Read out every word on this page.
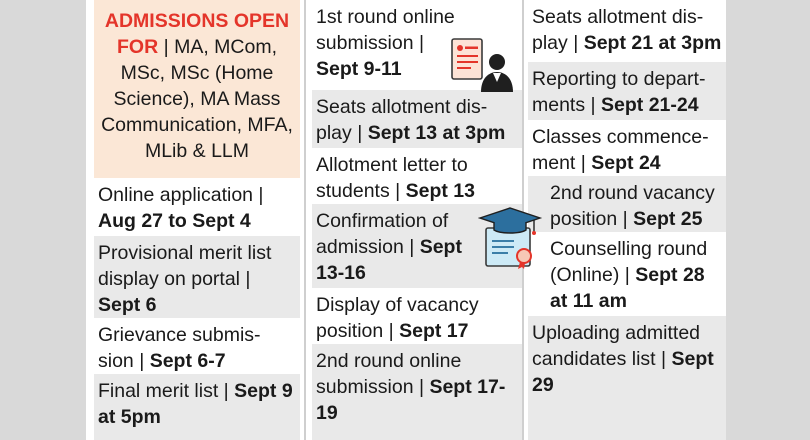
ADMISSIONS OPEN
FOR | MA, MCom, MSc, MSc (Home Science), MA Mass Communication, MFA, MLib & LLM
Online application | Aug 27 to Sept 4
Provisional merit list display on portal | Sept 6
Grievance submis-sion | Sept 6-7
Final merit list | Sept 9 at 5pm
1st round online submission | Sept 9-11
Seats allotment dis-play | Sept 13 at 3pm
Allotment letter to students | Sept 13
Confirmation of admission | Sept 13-16
Display of vacancy position | Sept 17
2nd round online submission | Sept 17-19
Seats allotment dis-play | Sept 21 at 3pm
Reporting to depart-ments | Sept 21-24
Classes commence-ment | Sept 24
2nd round vacancy position | Sept 25
Counselling round (Online) | Sept 28 at 11 am
Uploading admitted candidates list | Sept 29
